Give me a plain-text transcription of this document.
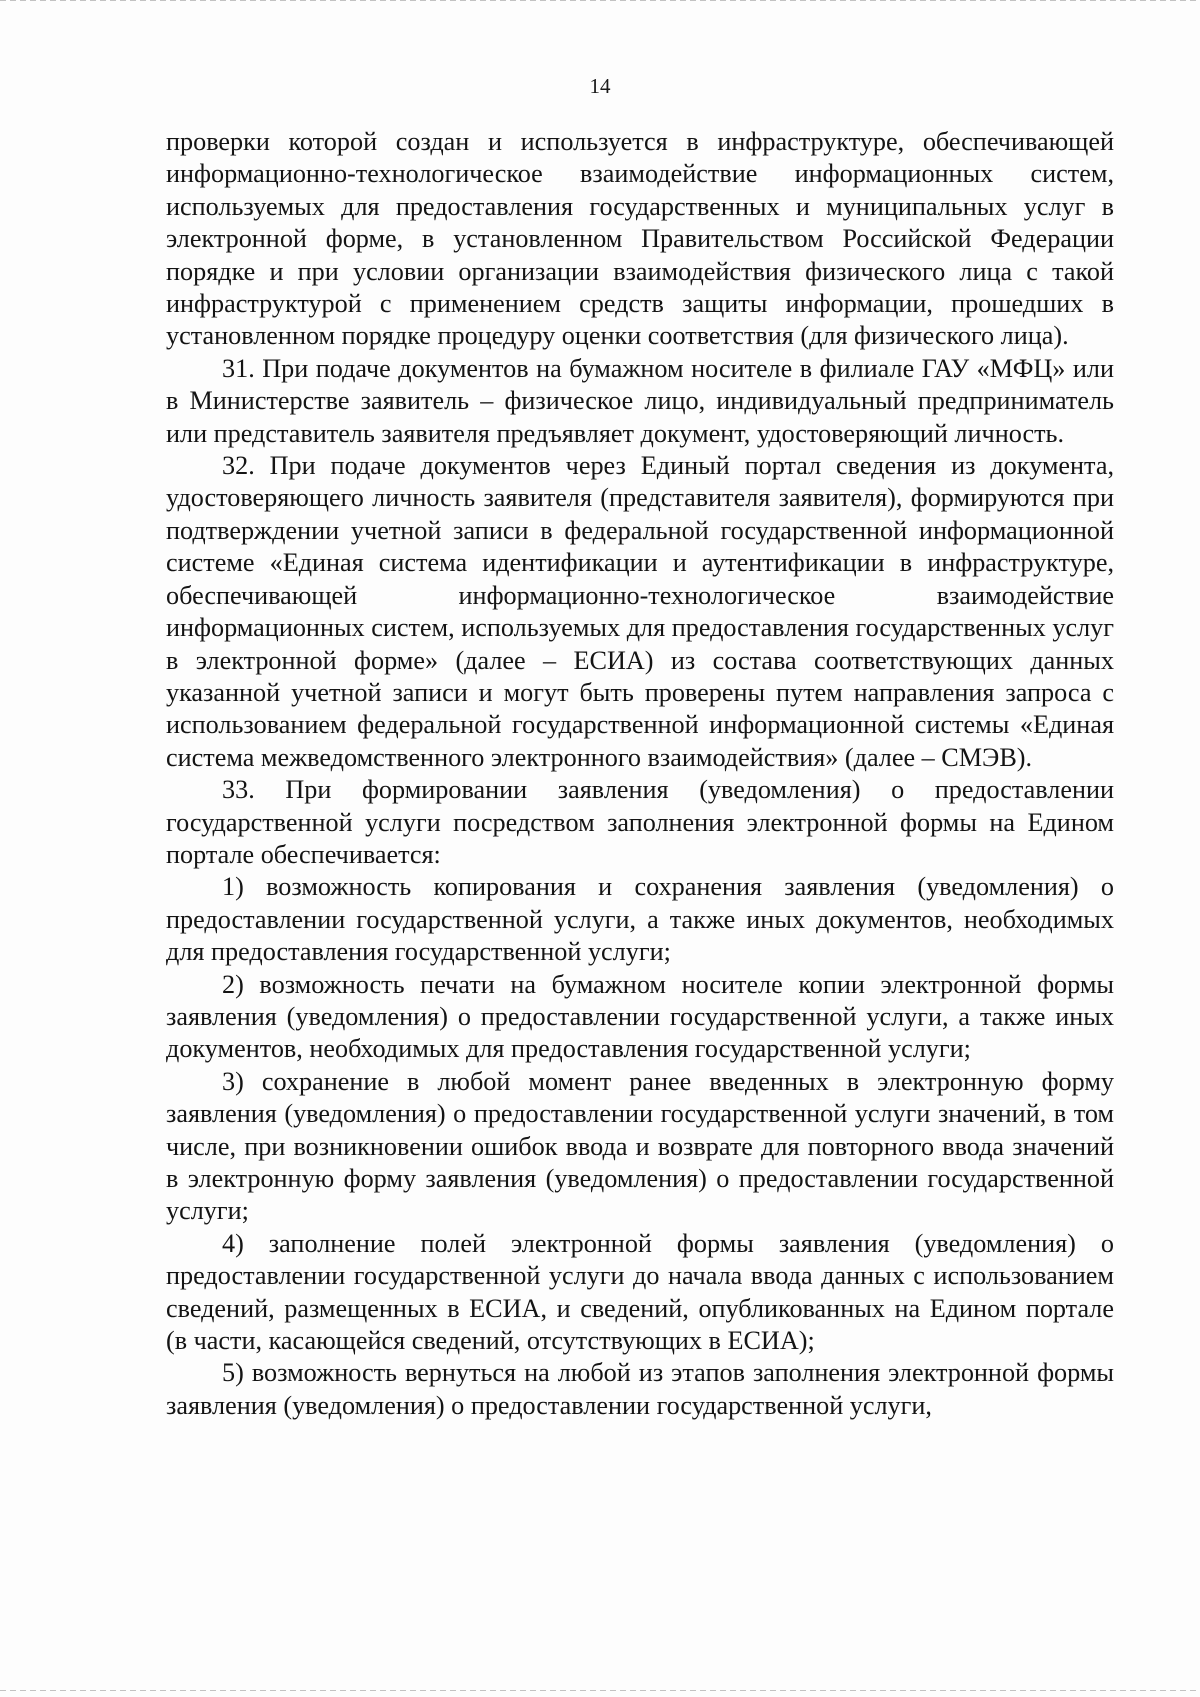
14

проверки которой создан и используется в инфраструктуре, обеспечивающей информационно-технологическое взаимодействие информационных систем, используемых для предоставления государственных и муниципальных услуг в электронной форме, в установленном Правительством Российской Федерации порядке и при условии организации взаимодействия физического лица с такой инфраструктурой с применением средств защиты информации, прошедших в установленном порядке процедуру оценки соответствия (для физического лица).

31. При подаче документов на бумажном носителе в филиале ГАУ «МФЦ» или в Министерстве заявитель – физическое лицо, индивидуальный предприниматель или представитель заявителя предъявляет документ, удостоверяющий личность.

32. При подаче документов через Единый портал сведения из документа, удостоверяющего личность заявителя (представителя заявителя), формируются при подтверждении учетной записи в федеральной государственной информационной системе «Единая система идентификации и аутентификации в инфраструктуре, обеспечивающей информационно-технологическое взаимодействие информационных систем, используемых для предоставления государственных услуг в электронной форме» (далее – ЕСИА) из состава соответствующих данных указанной учетной записи и могут быть проверены путем направления запроса с использованием федеральной государственной информационной системы «Единая система межведомственного электронного взаимодействия» (далее – СМЭВ).

33. При формировании заявления (уведомления) о предоставлении государственной услуги посредством заполнения электронной формы на Едином портале обеспечивается:

1) возможность копирования и сохранения заявления (уведомления) о предоставлении государственной услуги, а также иных документов, необходимых для предоставления государственной услуги;

2) возможность печати на бумажном носителе копии электронной формы заявления (уведомления) о предоставлении государственной услуги, а также иных документов, необходимых для предоставления государственной услуги;

3) сохранение в любой момент ранее введенных в электронную форму заявления (уведомления) о предоставлении государственной услуги значений, в том числе, при возникновении ошибок ввода и возврате для повторного ввода значений в электронную форму заявления (уведомления) о предоставлении государственной услуги;

4) заполнение полей электронной формы заявления (уведомления) о предоставлении государственной услуги до начала ввода данных с использованием сведений, размещенных в ЕСИА, и сведений, опубликованных на Едином портале (в части, касающейся сведений, отсутствующих в ЕСИА);

5) возможность вернуться на любой из этапов заполнения электронной формы заявления (уведомления) о предоставлении государственной услуги,
